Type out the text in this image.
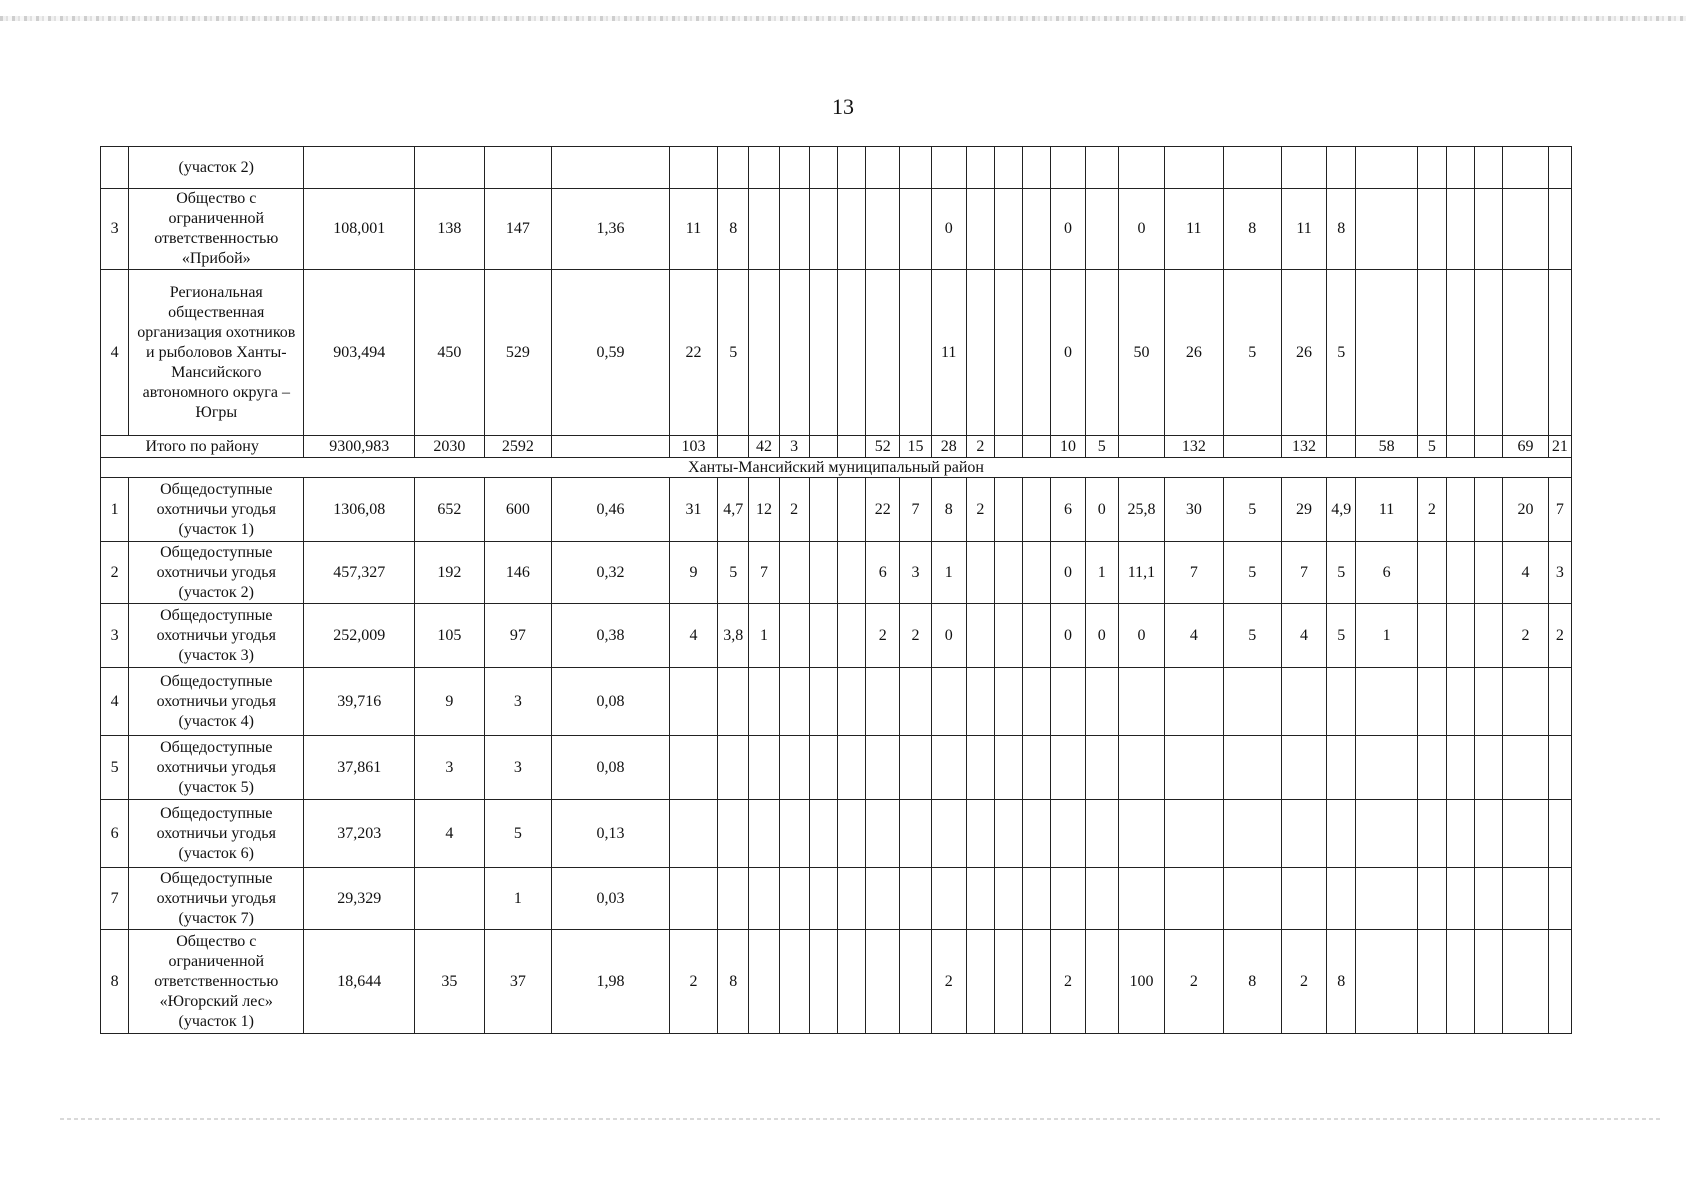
13
	(участок 2)																													
3	Общество с ограниченной ответственностью «Прибой»	108,001	138	147	1,36	11	8							0				0		0	11	8	11	8						
4	Региональная общественная организация охотников и рыболовов Ханты-Мансийского автономного округа – Югры	903,494	450	529	0,59	22	5							11				0		50	26	5	26	5						
Итого по району		9300,983	2030	2592		103		42	3			52	15	28	2			10	5		132		132		58	5			69	21
Ханты-Мансийский муниципальный район																														
1	Общедоступные охотничьи угодья (участок 1)	1306,08	652	600	0,46	31	4,7	12	2			22	7	8	2			6	0	25,8	30	5	29	4,9	11	2			20	7
2	Общедоступные охотничьи угодья (участок 2)	457,327	192	146	0,32	9	5	7				6	3	1				0	1	11,1	7	5	7	5	6				4	3
3	Общедоступные охотничьи угодья (участок 3)	252,009	105	97	0,38	4	3,8	1				2	2	0				0	0	0	4	5	4	5	1				2	2
4	Общедоступные охотничьи угодья (участок 4)	39,716	9	3	0,08																									
5	Общедоступные охотничьи угодья (участок 5)	37,861	3	3	0,08																									
6	Общедоступные охотничьи угодья (участок 6)	37,203	4	5	0,13																									
7	Общедоступные охотничьи угодья (участок 7)	29,329		1	0,03																									
8	Общество с ограниченной ответственностью «Югорский лес» (участок 1)	18,644	35	37	1,98	2	8							2				2		100	2	8	2	8						
